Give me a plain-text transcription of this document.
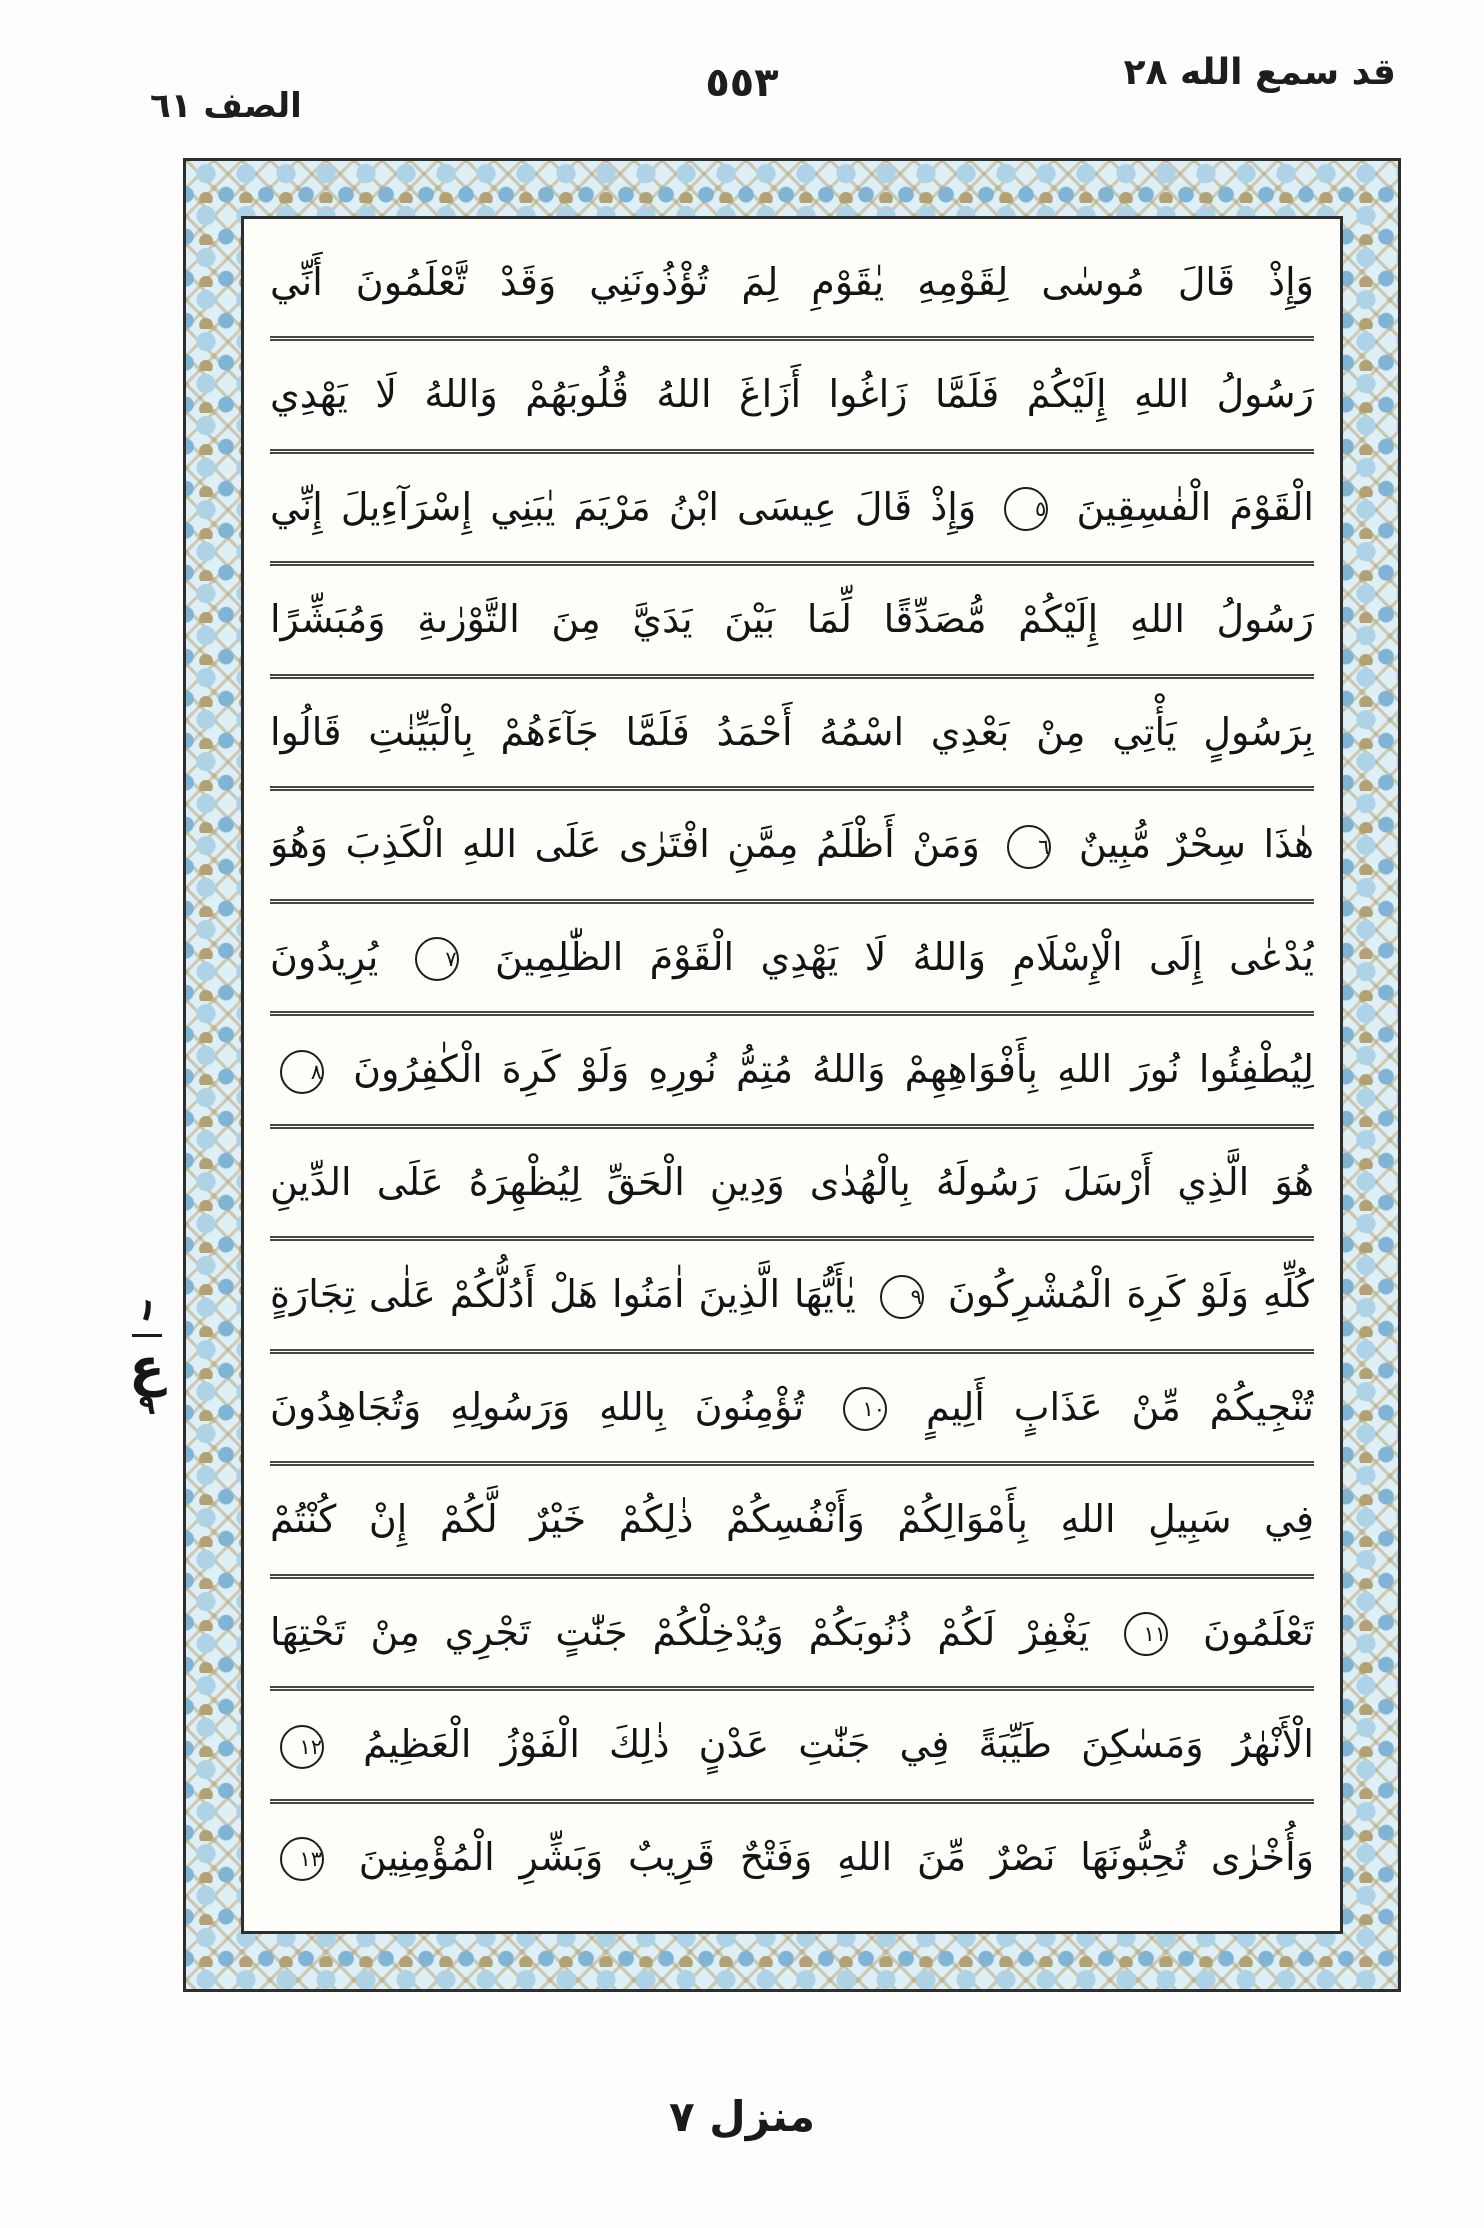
قد سمع الله ٢٨
٥٥٣
الصف ٦١
وَإِذْ قَالَ مُوسٰى لِقَوْمِهِ يٰقَوْمِ لِمَ تُؤْذُونَنِي وَقَدْ تَّعْلَمُونَ أَنِّي
رَسُولُ اللهِ إِلَيْكُمْ فَلَمَّا زَاغُوا أَزَاغَ اللهُ قُلُوبَهُمْ وَاللهُ لَا يَهْدِي
الْقَوْمَ الْفٰسِقِينَ ٥ وَإِذْ قَالَ عِيسَى ابْنُ مَرْيَمَ يٰبَنِي إِسْرَآءِيلَ إِنِّي
رَسُولُ اللهِ إِلَيْكُمْ مُّصَدِّقًا لِّمَا بَيْنَ يَدَيَّ مِنَ التَّوْرٰىةِ وَمُبَشِّرًا
بِرَسُولٍ يَأْتِي مِنْ بَعْدِي اسْمُهُ أَحْمَدُ فَلَمَّا جَآءَهُمْ بِالْبَيِّنٰتِ قَالُوا
هٰذَا سِحْرٌ مُّبِينٌ ٦ وَمَنْ أَظْلَمُ مِمَّنِ افْتَرٰى عَلَى اللهِ الْكَذِبَ وَهُوَ
يُدْعٰى إِلَى الْإِسْلَامِ وَاللهُ لَا يَهْدِي الْقَوْمَ الظّٰلِمِينَ ٧ يُرِيدُونَ
لِيُطْفِئُوا نُورَ اللهِ بِأَفْوَاهِهِمْ وَاللهُ مُتِمُّ نُورِهِ وَلَوْ كَرِهَ الْكٰفِرُونَ ٨
هُوَ الَّذِي أَرْسَلَ رَسُولَهُ بِالْهُدٰى وَدِينِ الْحَقِّ لِيُظْهِرَهُ عَلَى الدِّينِ
كُلِّهِ وَلَوْ كَرِهَ الْمُشْرِكُونَ ٩ يٰأَيُّهَا الَّذِينَ اٰمَنُوا هَلْ أَدُلُّكُمْ عَلٰى تِجَارَةٍ
تُنْجِيكُمْ مِّنْ عَذَابٍ أَلِيمٍ ١٠ تُؤْمِنُونَ بِاللهِ وَرَسُولِهِ وَتُجَاهِدُونَ
فِي سَبِيلِ اللهِ بِأَمْوَالِكُمْ وَأَنْفُسِكُمْ ذٰلِكُمْ خَيْرٌ لَّكُمْ إِنْ كُنْتُمْ
تَعْلَمُونَ ١١ يَغْفِرْ لَكُمْ ذُنُوبَكُمْ وَيُدْخِلْكُمْ جَنّٰتٍ تَجْرِي مِنْ تَحْتِهَا
الْأَنْهٰرُ وَمَسٰكِنَ طَيِّبَةً فِي جَنّٰتِ عَدْنٍ ذٰلِكَ الْفَوْزُ الْعَظِيمُ ١٢
وَأُخْرٰى تُحِبُّونَهَا نَصْرٌ مِّنَ اللهِ وَفَتْحٌ قَرِيبٌ وَبَشِّرِ الْمُؤْمِنِينَ ١٣
١
ع
٩
منزل ٧
